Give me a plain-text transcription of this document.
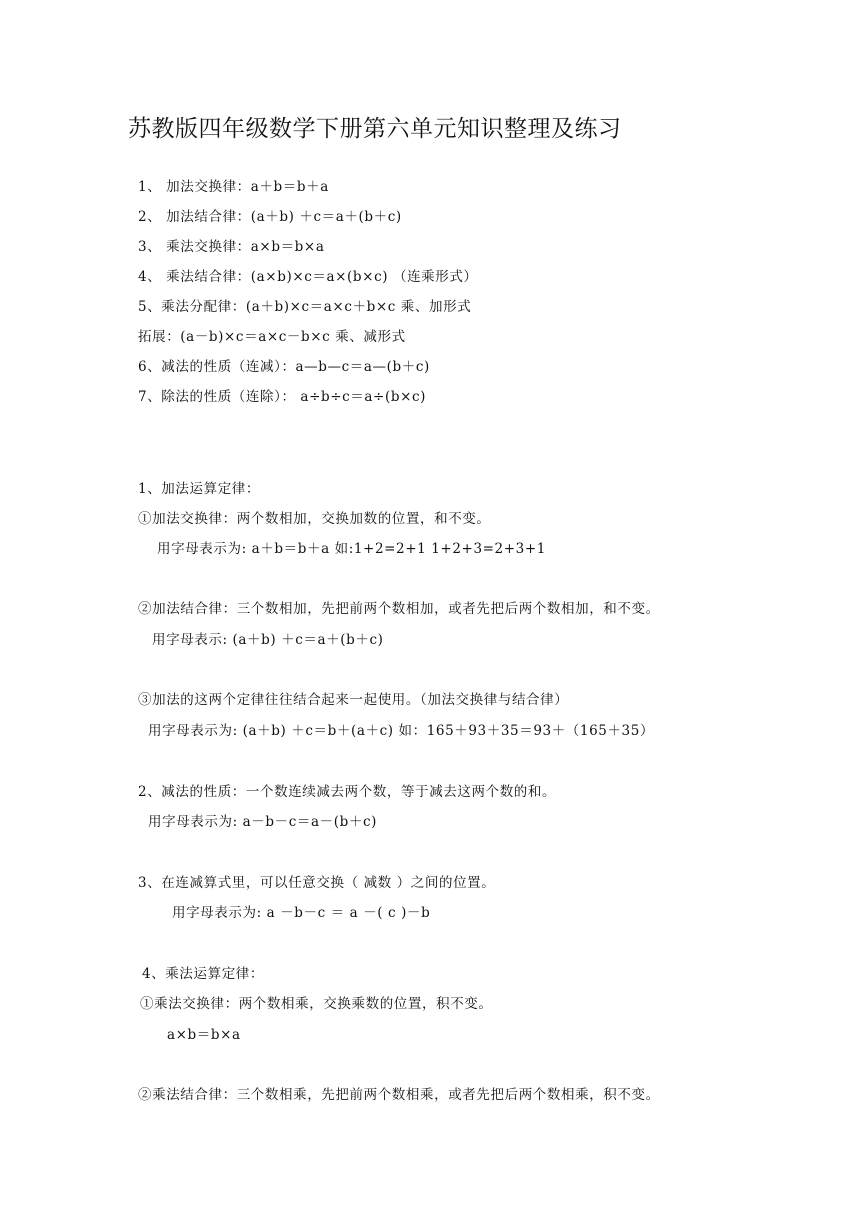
苏教版四年级数学下册第六单元知识整理及练习
1、 加法交换律：a＋b＝b＋a
2、 加法结合律：(a＋b) ＋c＝a＋(b＋c)
3、 乘法交换律：a×b＝b×a
4、 乘法结合律：(a×b)×c＝a×(b×c) （连乘形式）
5、乘法分配律：(a＋b)×c＝a×c＋b×c 乘、加形式
拓展：(a－b)×c＝a×c－b×c 乘、减形式
6、减法的性质（连减）：a—b—c＝a—(b＋c)
7、除法的性质（连除）： a÷b÷c＝a÷(b×c)
1、加法运算定律：
①加法交换律：两个数相加，交换加数的位置，和不变。
用字母表示为: a＋b＝b＋a 如:1+2=2+1 1+2+3=2+3+1
②加法结合律：三个数相加，先把前两个数相加，或者先把后两个数相加，和不变。
用字母表示: (a＋b) ＋c＝a＋(b＋c)
③加法的这两个定律往往结合起来一起使用。（加法交换律与结合律）
用字母表示为: (a＋b) ＋c＝b＋(a＋c) 如：165＋93＋35＝93＋（165＋35）
2、减法的性质：一个数连续减去两个数，等于减去这两个数的和。
用字母表示为: a－b－c＝a－(b＋c)
3、在连减算式里，可以任意交换（ 减数 ）之间的位置。
用字母表示为: a －b－c ＝ a －( c )－b
4、乘法运算定律：
①乘法交换律：两个数相乘，交换乘数的位置，积不变。
a×b＝b×a
②乘法结合律：三个数相乘，先把前两个数相乘，或者先把后两个数相乘，积不变。
